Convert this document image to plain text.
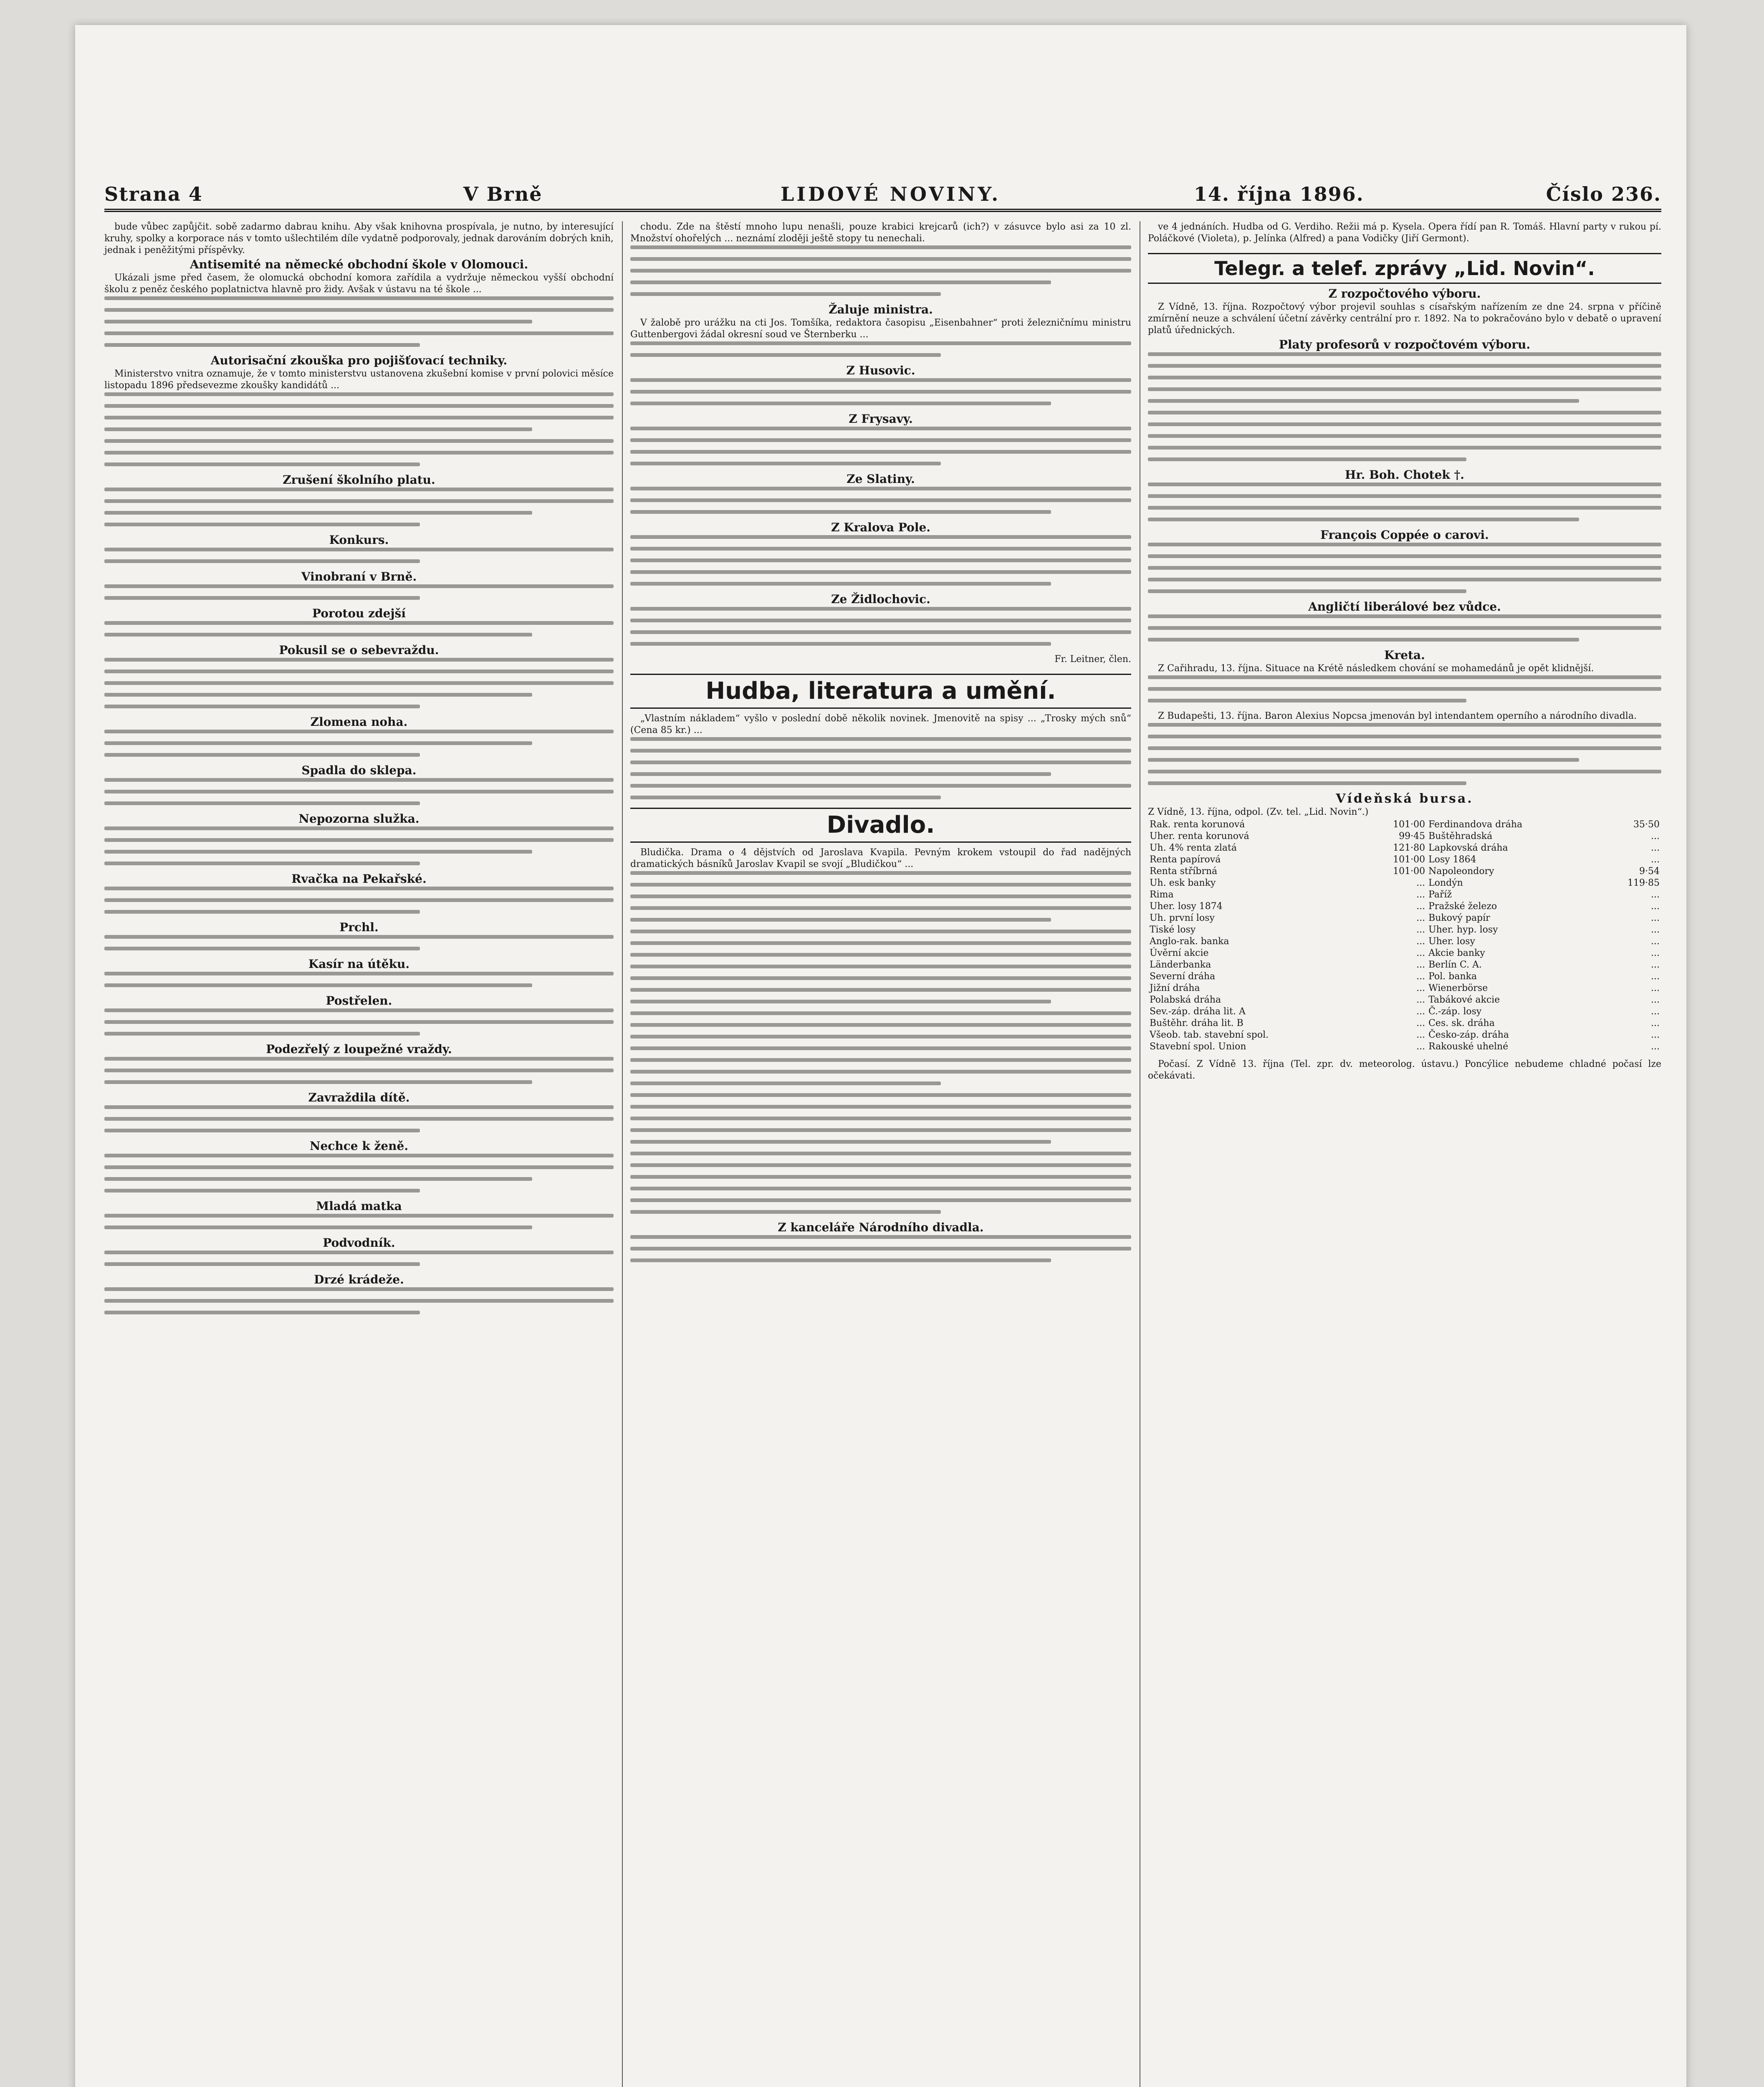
Strana 4	V Brně	LIDOVÉ NOVINY.	14. října 1896.	Číslo 236.

bude vůbec zapůjčit. sobě zadarmo dabrau knihu. Aby však knihovna prospívala, je nutno, by interesující kruhy, spolky a korporace nás v tomto ušlechtilém díle vydatně podporovaly, jednak darováním dobrých knih, jednak i peněžitými příspěvky.

Antisemité na německé obchodní škole v Olomouci.

Ukázali jsme před časem, že olomucká obchodní komora zařídila a vydržuje německou vyšší obchodní školu z peněz českého poplatnictva hlavně pro židy. Avšak v ústavu na té škole ...

Autorisační zkouška pro pojišťovací techniky.

Ministerstvo vnitra oznamuje, že v tomto ministerstvu ustanovena zkušební komise v první polovici měsíce listopadu 1896 předsevezme zkoušky kandidátů ...

Zrušení školního platu.
Konkurs.
Vinobraní v Brně.
Porotou zdejší
Pokusil se o sebevraždu.
Zlomena noha.
Spadla do sklepa.
Nepozorna služka.
Rvačka na Pekařské.
Prchl.
Kasír na útěku.
Postřelen.
Podezřelý z loupežné vraždy.
Zavraždila dítě.
Nechce k ženě.
Mladá matka
Podvodník.
Drzé krádeže.

chodu. Zde na štěstí mnoho lupu nenašli, pouze krabici krejcarů (ich?) v zásuvce bylo asi za 10 zl. Množství ohořelých ... neznámí zloději ještě stopy tu nenechali.

Žaluje ministra.

V žalobě pro urážku na cti Jos. Tomšíka, redaktora časopisu „Eisenbahner“ proti železničnímu ministru Guttenbergovi žádal okresní soud ve Šternberku ...

Z Husovic.
Z Frysavy.
Ze Slatiny.
Z Kralova Pole.
Ze Židlochovic.

Fr. Leitner, člen.

Hudba, literatura a umění.

„Vlastním nákladem“ vyšlo v poslední době několik novinek. Jmenovitě na spisy ... „Trosky mých snů“ (Cena 85 kr.) ...

Divadlo.

Bludička. Drama o 4 dějstvích od Jaroslava Kvapila. Pevným krokem vstoupil do řad nadějných dramatických básníků Jaroslav Kvapil se svojí „Bludičkou“ ...

Z kanceláře Národního divadla.

ve 4 jednáních. Hudba od G. Verdiho. Režii má p. Kysela. Opera řídí pan R. Tomáš. Hlavní party v rukou pí. Poláčkové (Violeta), p. Jelínka (Alfred) a pana Vodičky (Jiří Germont).

Telegr. a telef. zprávy „Lid. Novin“.
Z rozpočtového výboru.

Z Vídně, 13. října. Rozpočtový výbor projevil souhlas s císařským nařízením ze dne 24. srpna v příčině zmírnění neuze a schválení účetní závěrky centrální pro r. 1892. Na to pokračováno bylo v debatě o upravení platů úřednických.

Platy profesorů v rozpočtovém výboru.
Hr. Boh. Chotek †.
François Coppée o carovi.
Angličtí liberálové bez vůdce.
Kreta.

Z Cařihradu, 13. října. Situace na Krétě následkem chování se mohamedánů je opět klidnější.

Z Budapešti, 13. října. Baron Alexius Nopcsa jmenován byl intendantem operního a národního divadla.

Vídeňská bursa.

Z Vídně, 13. října, odpol. (Zv. tel. „Lid. Novin“.)

Rak. renta korunová	101·00	Ferdinandova dráha	35·50
Uher. renta korunová	99·45	Buštěhradská	...
Uh. 4% renta zlatá	121·80	Lapkovská dráha	...
Renta papírová	101·00	Losy 1864	...
Renta stříbrná	101·00	Napoleondory	9·54
Uh. esk banky	...	Londýn	119·85
Rima	...	Paříž	...
Uher. losy 1874	...	Pražské železo	...
Uh. první losy	...	Bukový papír	...
Tiské losy	...	Uher. hyp. losy	...
Anglo-rak. banka	...	Uher. losy	...
Úvěrní akcie	...	Akcie banky	...
Länderbanka	...	Berlín C. A.	...
Severní dráha	...	Pol. banka	...
Jižní dráha	...	Wienerbörse	...
Polabská dráha	...	Tabákové akcie	...
Sev.-záp. dráha lit. A	...	Č.-záp. losy	...
Buštěhr. dráha lit. B	...	Ces. sk. dráha	...
Všeob. tab. stavební spol.	...	Česko-záp. dráha	...
Stavební spol. Union	...	Rakouské uhelné	...

Počasí. Z Vídně 13. října (Tel. zpr. dv. meteorolog. ústavu.) Poncýlice nebudeme chladné počasí lze očekávati.
